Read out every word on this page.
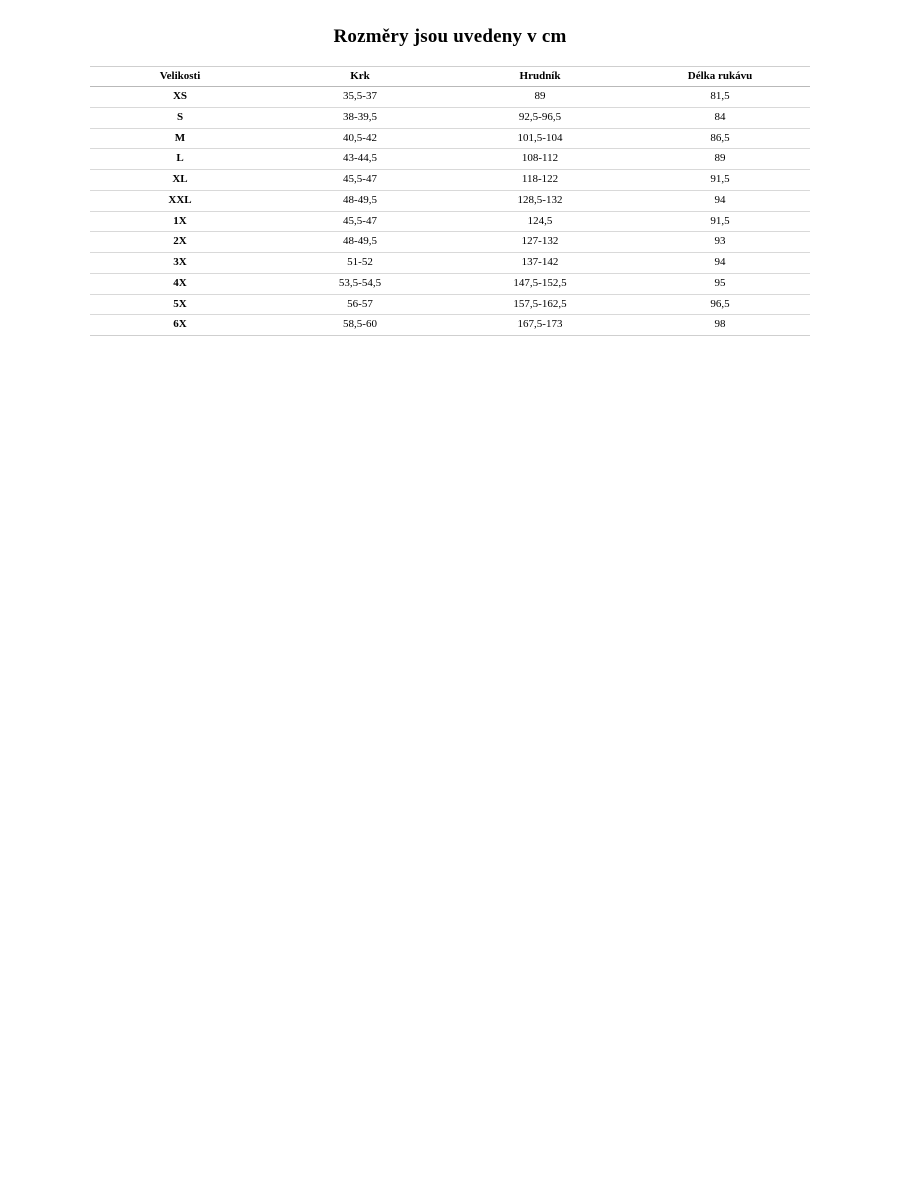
Rozměry jsou uvedeny v cm
Velikosti	Krk	Hrudník	Délka rukávu
XS	35,5-37	89	81,5
S	38-39,5	92,5-96,5	84
M	40,5-42	101,5-104	86,5
L	43-44,5	108-112	89
XL	45,5-47	118-122	91,5
XXL	48-49,5	128,5-132	94
1X	45,5-47	124,5	91,5
2X	48-49,5	127-132	93
3X	51-52	137-142	94
4X	53,5-54,5	147,5-152,5	95
5X	56-57	157,5-162,5	96,5
6X	58,5-60	167,5-173	98
